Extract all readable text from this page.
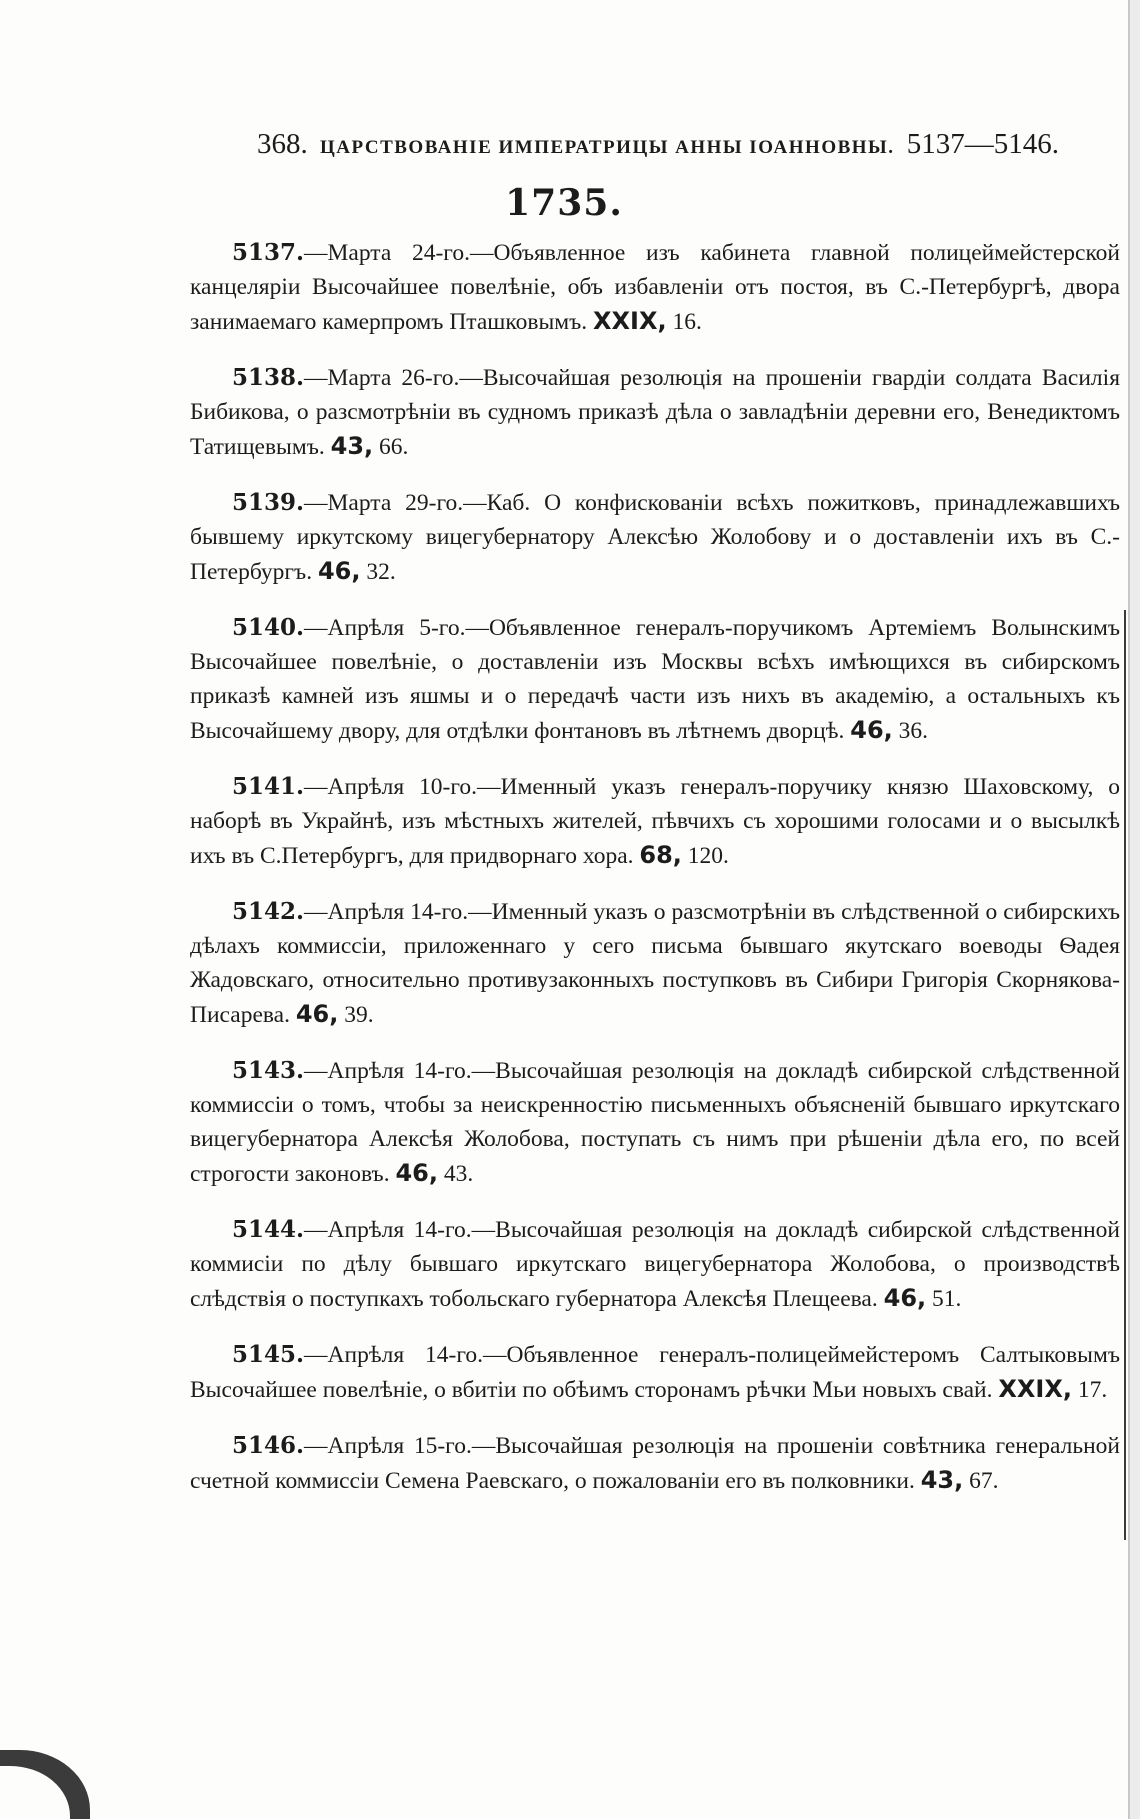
368. ЦАРСТВОВАНІЕ ИМПЕРАТРИЦЫ АННЫ ІОАННОВНЫ. 5137—5146.
1735.

5137.—Марта 24-го.—Объявленное изъ кабинета главной полицеймейстерской канцеляріи Высочайшее повелѣніе, объ избавленіи отъ постоя, въ С.-Петербургѣ, двора занимаемаго камерпромъ Пташковымъ. XXIX, 16.

5138.—Марта 26-го.—Высочайшая резолюція на прошеніи гвардіи солдата Василія Бибикова, о разсмотрѣніи въ судномъ приказѣ дѣла о завладѣніи деревни его, Венедиктомъ Татищевымъ. 43, 66.

5139.—Марта 29-го.—Каб. О конфискованіи всѣхъ пожитковъ, принадлежавшихъ бывшему иркутскому вицегубернатору Алексѣю Жолобову и о доставленіи ихъ въ С.-Петербургъ. 46, 32.

5140.—Апрѣля 5-го.—Объявленное генералъ-поручикомъ Артеміемъ Волынскимъ Высочайшее повелѣніе, о доставленіи изъ Москвы всѣхъ имѣющихся въ сибирскомъ приказѣ камней изъ яшмы и о передачѣ части изъ нихъ въ академію, а остальныхъ къ Высочайшему двору, для отдѣлки фонтановъ въ лѣтнемъ дворцѣ. 46, 36.

5141.—Апрѣля 10-го.—Именный указъ генералъ-поручику князю Шаховскому, о наборѣ въ Украйнѣ, изъ мѣстныхъ жителей, пѣвчихъ съ хорошими голосами и о высылкѣ ихъ въ С.Петербургъ, для придворнаго хора. 68, 120.

5142.—Апрѣля 14-го.—Именный указъ о разсмотрѣніи въ слѣдственной о сибирскихъ дѣлахъ коммиссіи, приложеннаго у сего письма бывшаго якутскаго воеводы Ѳадея Жадовскаго, относительно противузаконныхъ поступковъ въ Сибири Григорія Скорнякова-Писарева. 46, 39.

5143.—Апрѣля 14-го.—Высочайшая резолюція на докладѣ сибирской слѣдственной коммиссіи о томъ, чтобы за неискренностію письменныхъ объясненій бывшаго иркутскаго вицегубернатора Алексѣя Жолобова, поступать съ нимъ при рѣшеніи дѣла его, по всей строгости законовъ. 46, 43.

5144.—Апрѣля 14-го.—Высочайшая резолюція на докладѣ сибирской слѣдственной коммисіи по дѣлу бывшаго иркутскаго вицегубернатора Жолобова, о производствѣ слѣдствія о поступкахъ тобольскаго губернатора Алексѣя Плещеева. 46, 51.

5145.—Апрѣля 14-го.—Объявленное генералъ-полицеймейстеромъ Салтыковымъ Высочайшее повелѣніе, о вбитіи по обѣимъ сторонамъ рѣчки Мьи новыхъ свай. XXIX, 17.

5146.—Апрѣля 15-го.—Высочайшая резолюція на прошеніи совѣтника генеральной счетной коммиссіи Семена Раевскаго, о пожалованіи его въ полковники. 43, 67.
